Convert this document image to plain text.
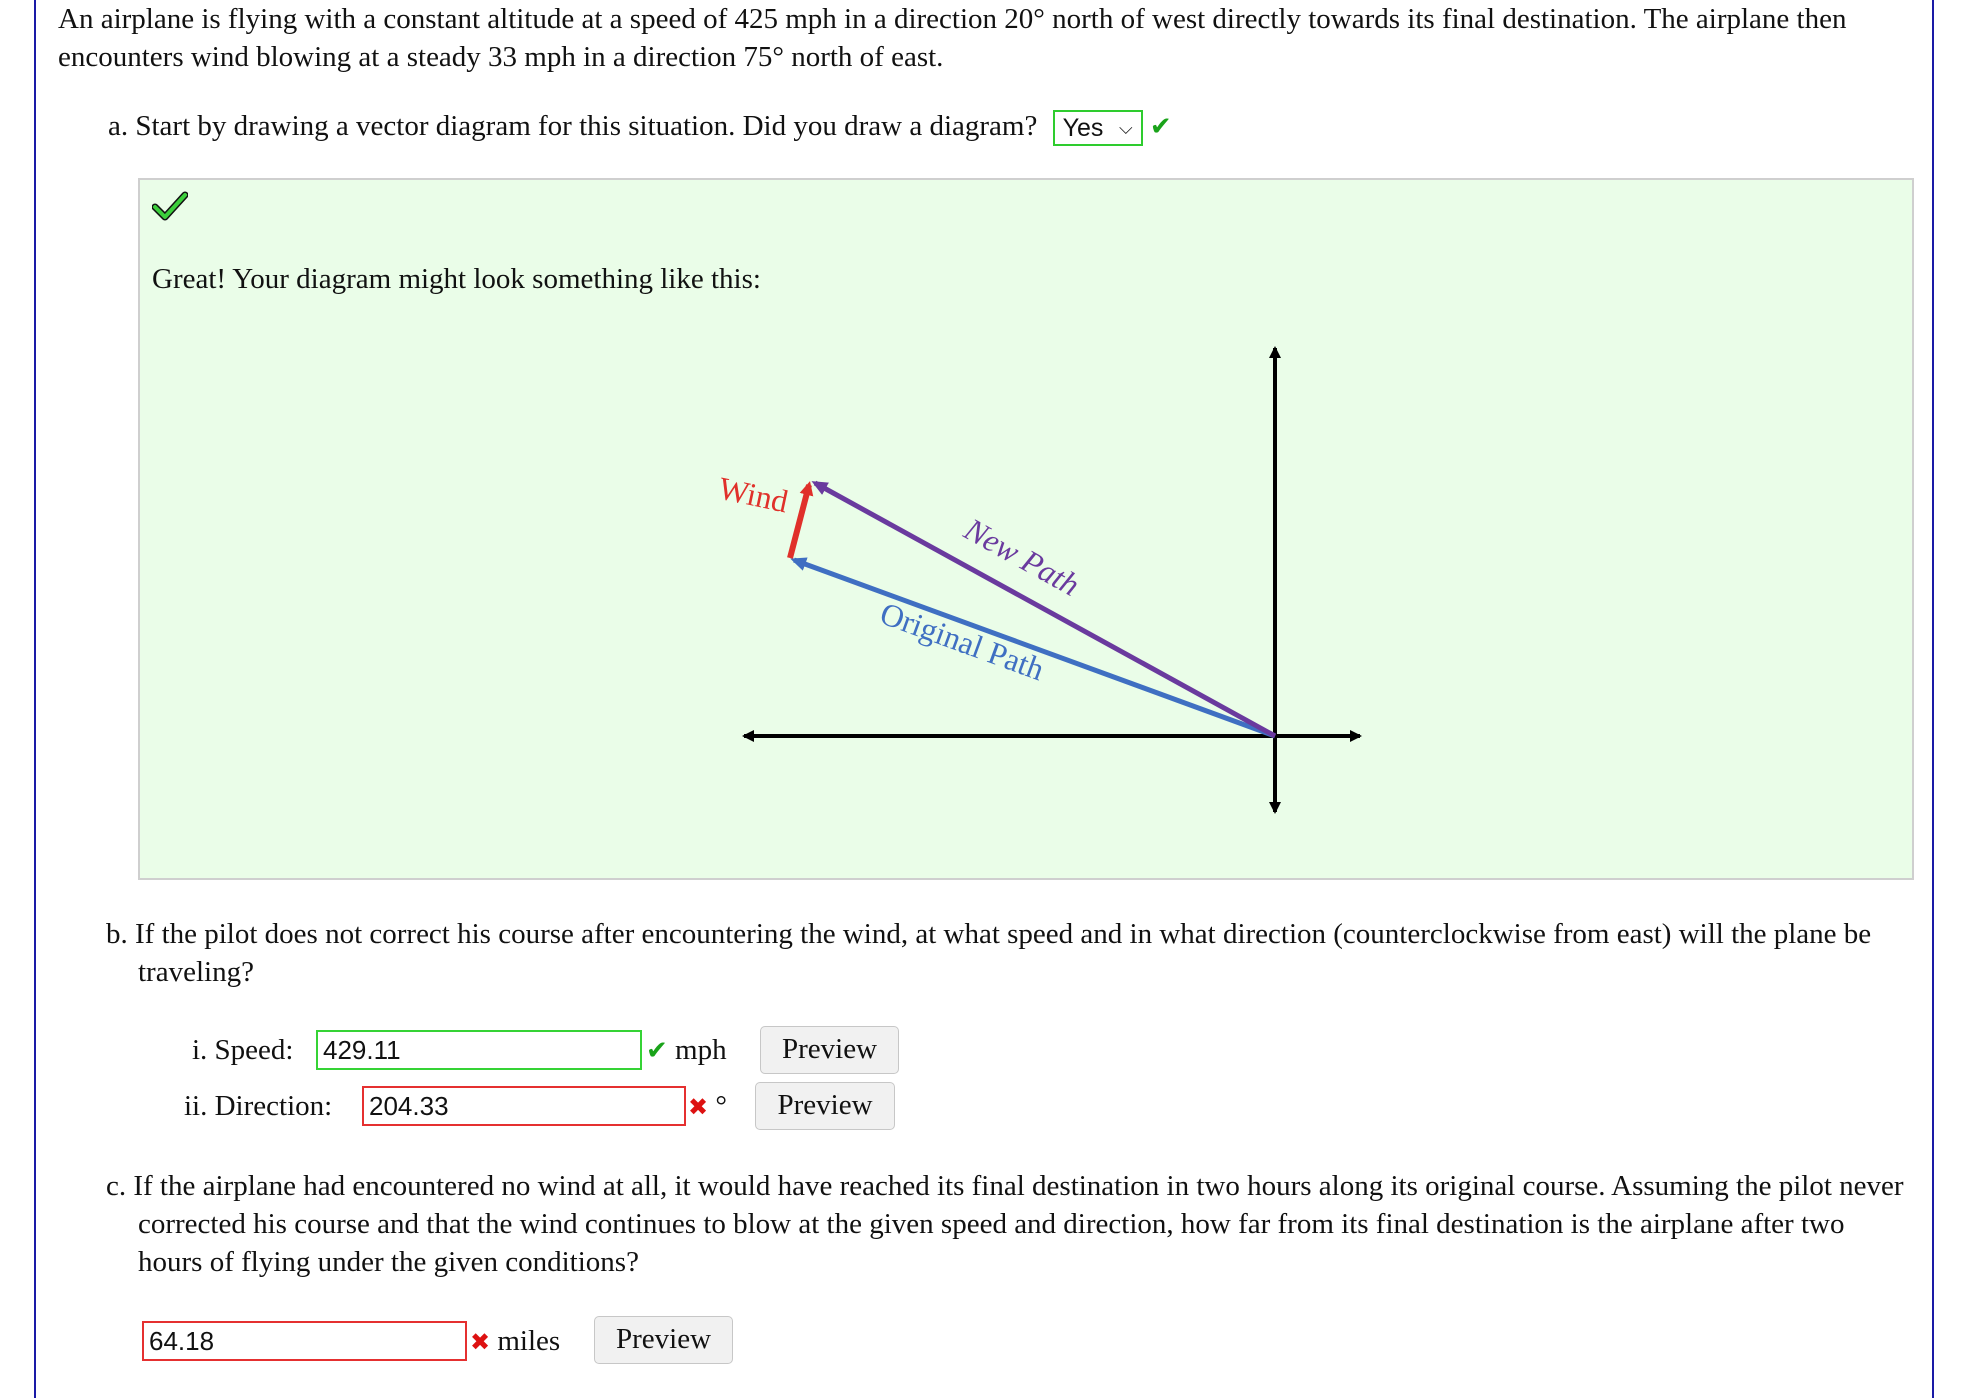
An airplane is flying with a constant altitude at a speed of 425 mph in a direction 20° north of west directly towards its final destination. The airplane then encounters wind blowing at a steady 33 mph in a direction 75° north of east.
a. Start by drawing a vector diagram for this situation. Did you draw a diagram? Yes ⌵ ✔
Great! Your diagram might look something like this:
Wind
New Path
Original Path
b. If the pilot does not correct his course after encountering the wind, at what speed and in what direction (counterclockwise from east) will the plane be traveling?
i. Speed: 429.11	✔ mph	Preview
ii. Direction: 204.33	✖ °	Preview
c. If the airplane had encountered no wind at all, it would have reached its final destination in two hours along its original course. Assuming the pilot never corrected his course and that the wind continues to blow at the given speed and direction, how far from its final destination is the airplane after two hours of flying under the given conditions?
64.18	✖ miles	Preview
